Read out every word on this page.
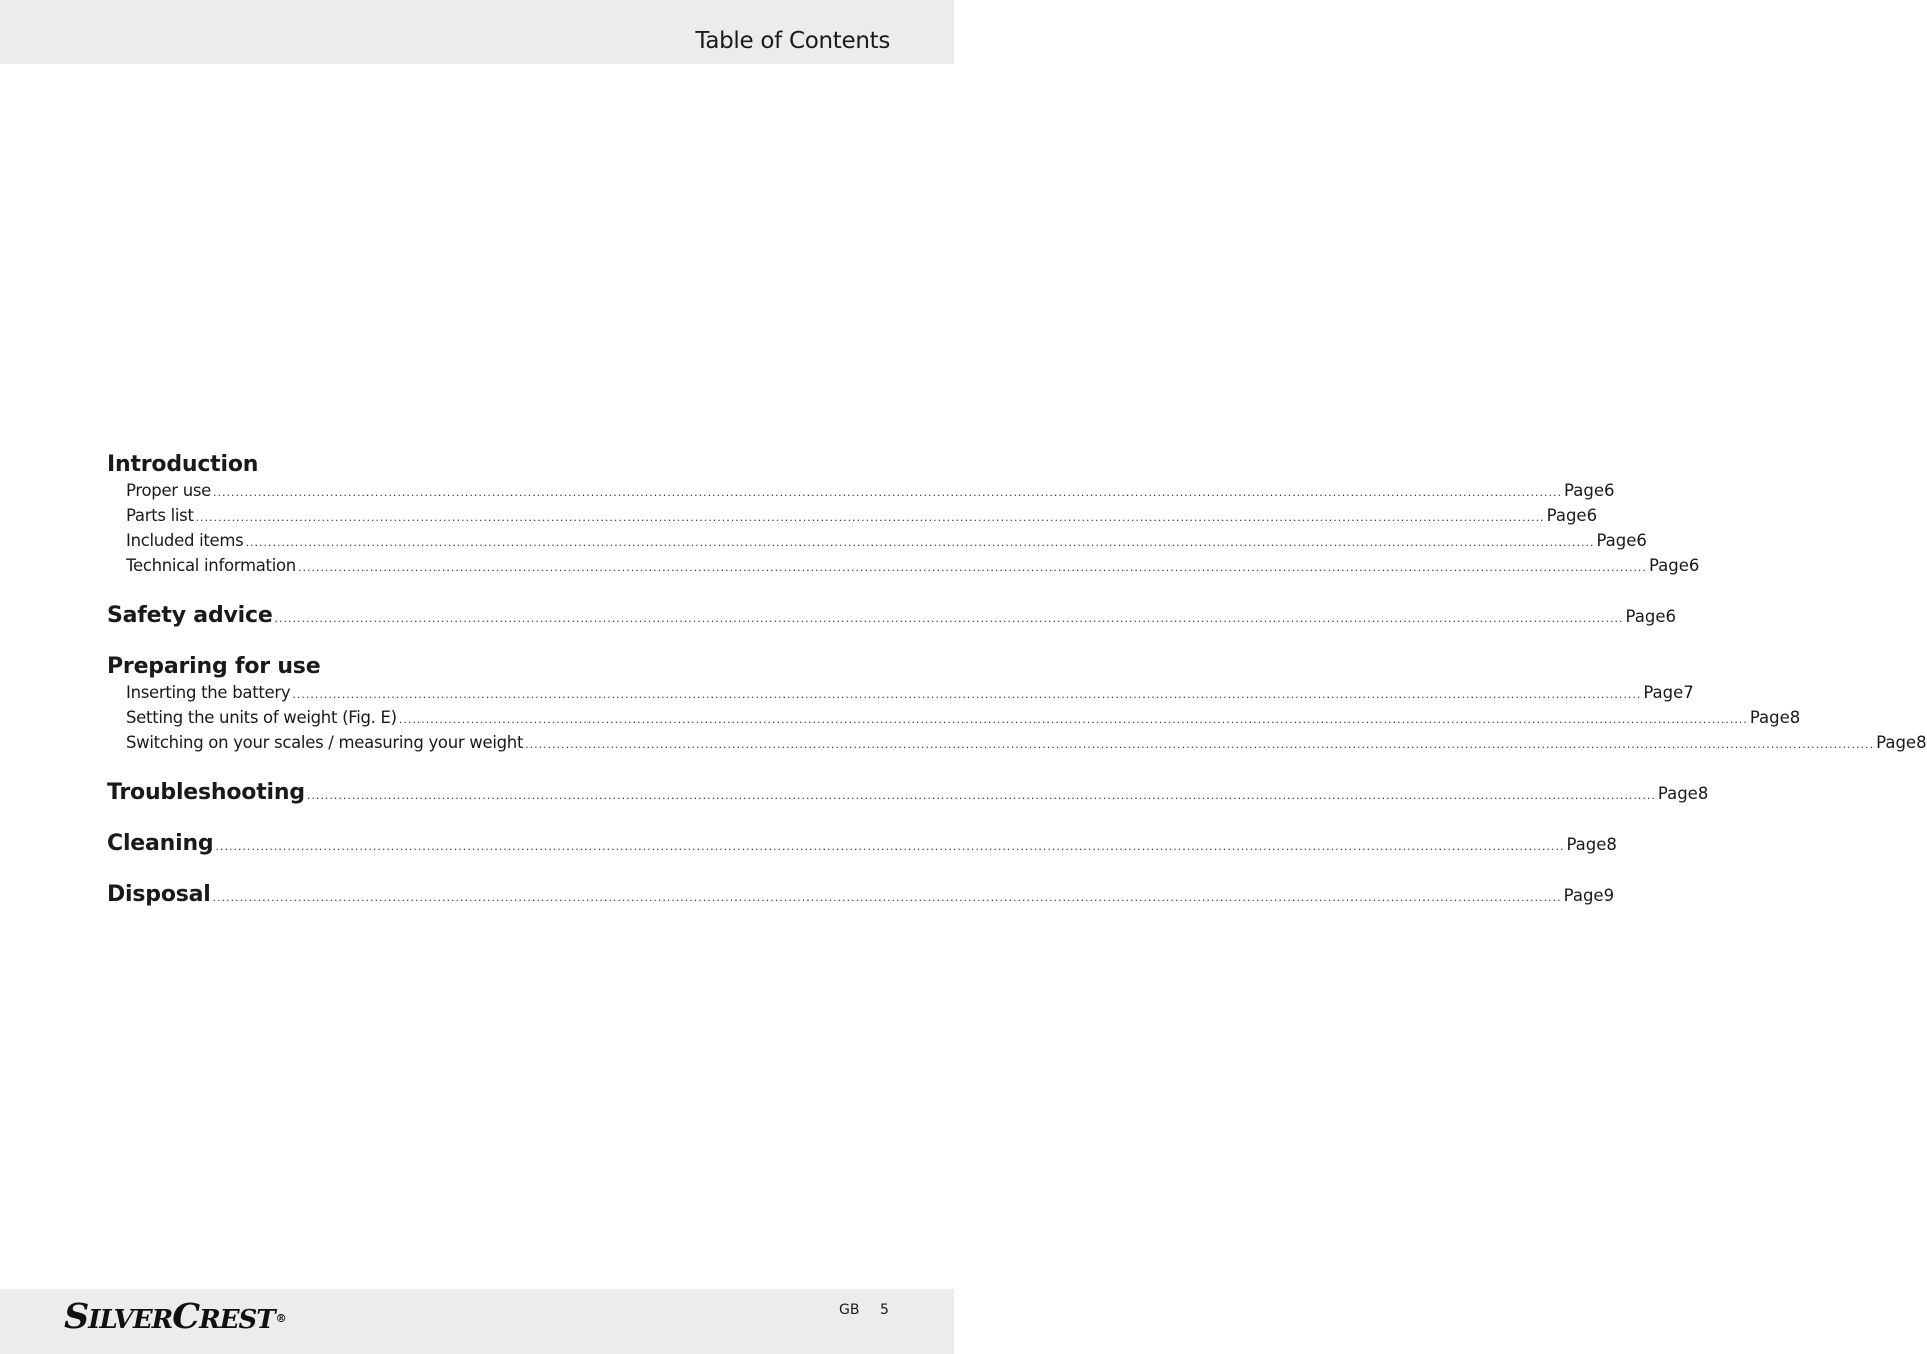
Table of Contents
Introduction
Proper use ............................................................................................................................................................................................................................................................................................................ Page 6
Parts list ............................................................................................................................................................................................................................................................................................................ Page 6
Included items ............................................................................................................................................................................................................................................................................................................ Page 6
Technical information ............................................................................................................................................................................................................................................................................................................ Page 6
Safety advice ............................................................................................................................................................................................................................................................................................................ Page 6
Preparing for use
Inserting the battery ............................................................................................................................................................................................................................................................................................................ Page 7
Setting the units of weight (Fig. E) ............................................................................................................................................................................................................................................................................................................ Page 8
Switching on your scales / measuring your weight ............................................................................................................................................................................................................................................................................................................ Page 8
Troubleshooting ............................................................................................................................................................................................................................................................................................................ Page 8
Cleaning ............................................................................................................................................................................................................................................................................................................ Page 8
Disposal ............................................................................................................................................................................................................................................................................................................ Page 9
SILVERCREST®
GB 5
